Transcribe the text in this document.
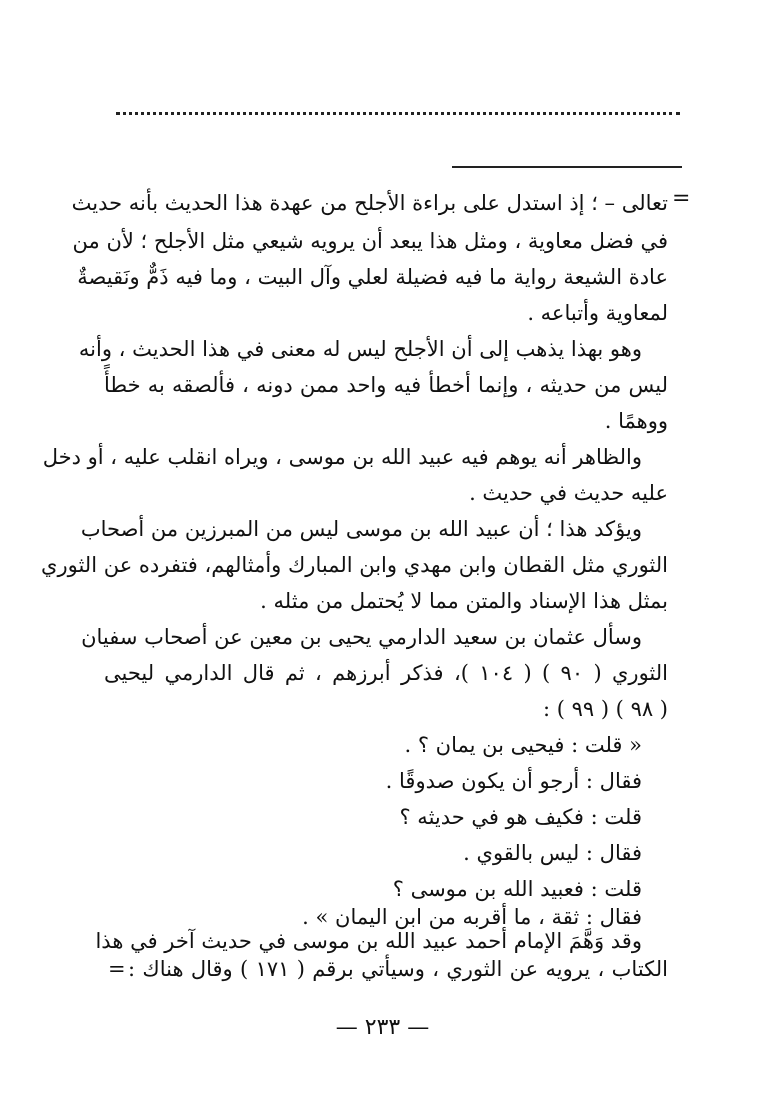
=
تعالى – ؛ إذ استدل على براءة الأجلح من عهدة هذا الحديث بأنه حديث
في فضل معاوية ، ومثل هذا يبعد أن يرويه شيعي مثل الأجلح ؛ لأن من
عادة الشيعة رواية ما فيه فضيلة لعلي وآل البيت ، وما فيه ذَمٌّ ونَقيصةٌ
لمعاوية وأتباعه .
وهو بهذا يذهب إلى أن الأجلح ليس له معنى في هذا الحديث ، وأنه
ليس من حديثه ، وإنما أخطأ فيه واحد ممن دونه ، فألصقه به خطأً
ووهمًا .
والظاهر أنه يوهم فيه عبيد الله بن موسى ، ويراه انقلب عليه ، أو دخل
عليه حديث في حديث .
ويؤكد هذا ؛ أن عبيد الله بن موسى ليس من المبرزين من أصحاب
الثوري مثل القطان وابن مهدي وابن المبارك وأمثالهم، فتفرده عن الثوري
بمثل هذا الإسناد والمتن مما لا يُحتمل من مثله .
وسأل عثمان بن سعيد الدارمي يحيى بن معين عن أصحاب سفيان
الثوري ( ٩٠ ) ( ١٠٤ )، فذكر أبرزهم ، ثم قال الدارمي ليحيى
( ٩٨ ) ( ٩٩ ) :
« قلت : فيحيى بن يمان ؟ .
فقال : أرجو أن يكون صدوقًا .
قلت : فكيف هو في حديثه ؟
فقال : ليس بالقوي .
قلت : فعبيد الله بن موسى ؟
فقال : ثقة ، ما أقربه من ابن اليمان » .
وقد وَهَّمَ الإمام أحمد عبيد الله بن موسى في حديث آخر في هذا
الكتاب ، يرويه عن الثوري ، وسيأتي برقم ( ١٧١ ) وقال هناك :
=
— ٢٣٣ —
